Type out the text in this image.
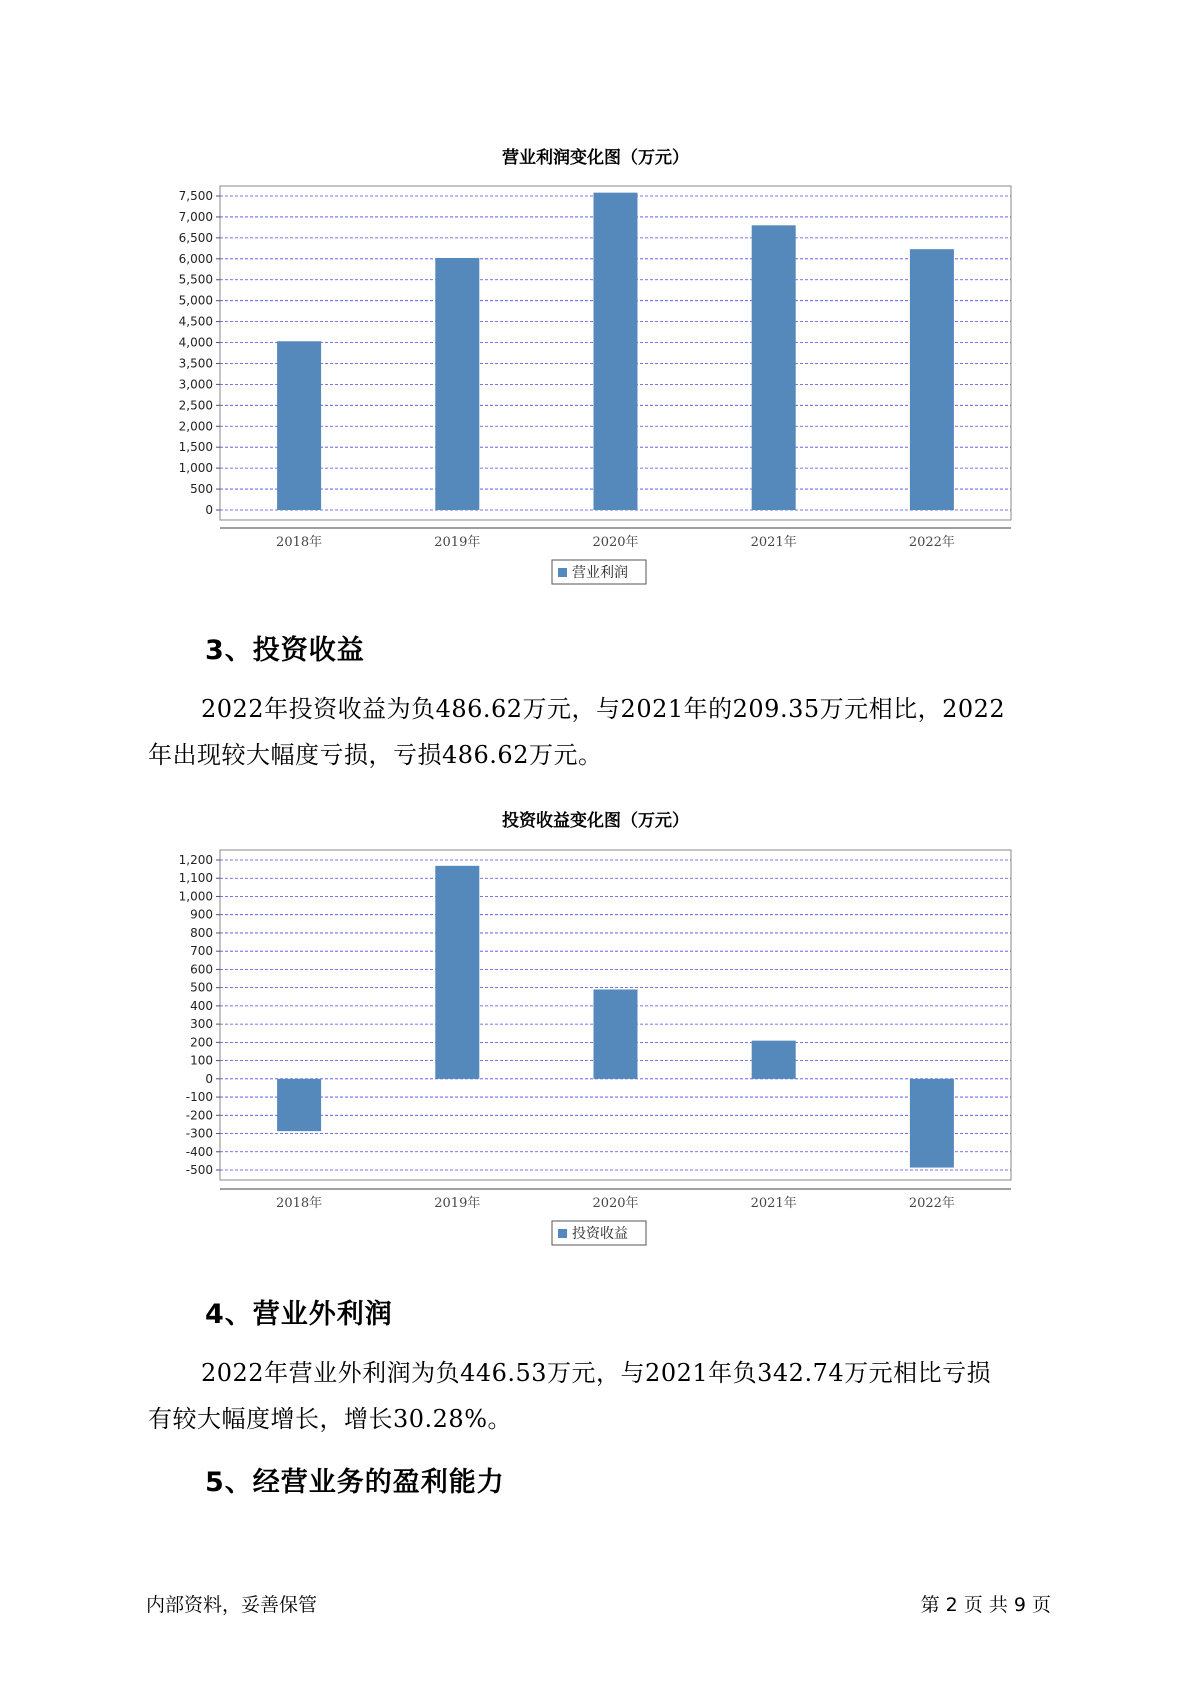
营业利润变化图（万元）
0
500
1,000
1,500
2,000
2,500
3,000
3,500
4,000
4,500
5,000
5,500
6,000
6,500
7,000
7,500
2018年	2019年	2020年	2021年	2022年
营业利润
3、投资收益
2022年投资收益为负486.62万元，与2021年的209.35万元相比，2022
年出现较大幅度亏损，亏损486.62万元。
投资收益变化图（万元）
-500
-400
-300
-200
-100
0
100
200
300
400
500
600
700
800
900
1,000
1,100
1,200
2018年	2019年	2020年	2021年	2022年
投资收益
4、营业外利润
2022年营业外利润为负446.53万元，与2021年负342.74万元相比亏损
有较大幅度增长，增长30.28%。
5、经营业务的盈利能力
内部资料，妥善保管	第 2 页 共 9 页
